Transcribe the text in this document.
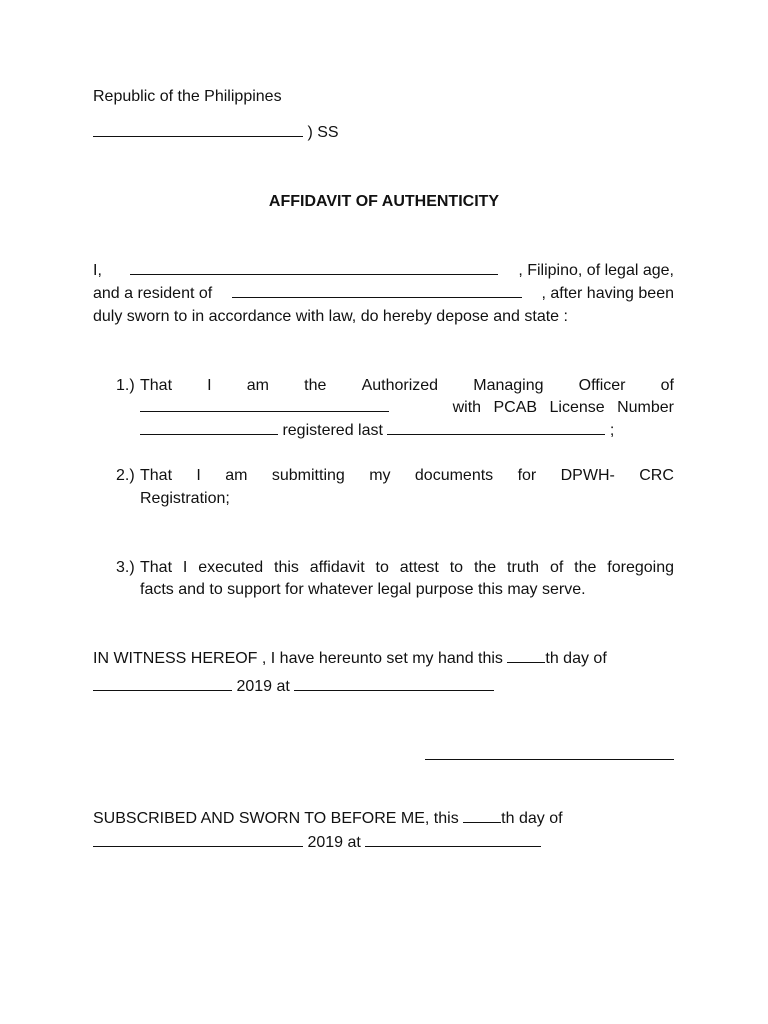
Republic of the Philippines
) SS
AFFIDAVIT OF AUTHENTICITY
I,	, Filipino, of legal age,
and a resident of	, after having been
duly sworn to in accordance with law, do hereby depose and state :
1.) That I am the Authorized Managing Officer of
with PCAB License Number
registered last	;
2.) That I am submitting my documents for DPWH- CRC
Registration;
3.) That I executed this affidavit to attest to the truth of the foregoing
facts and to support for whatever legal purpose this may serve.
IN WITNESS HEREOF , I have hereunto set my hand this	th day of
2019 at
SUBSCRIBED AND SWORN TO BEFORE ME, this	th day of
2019 at
